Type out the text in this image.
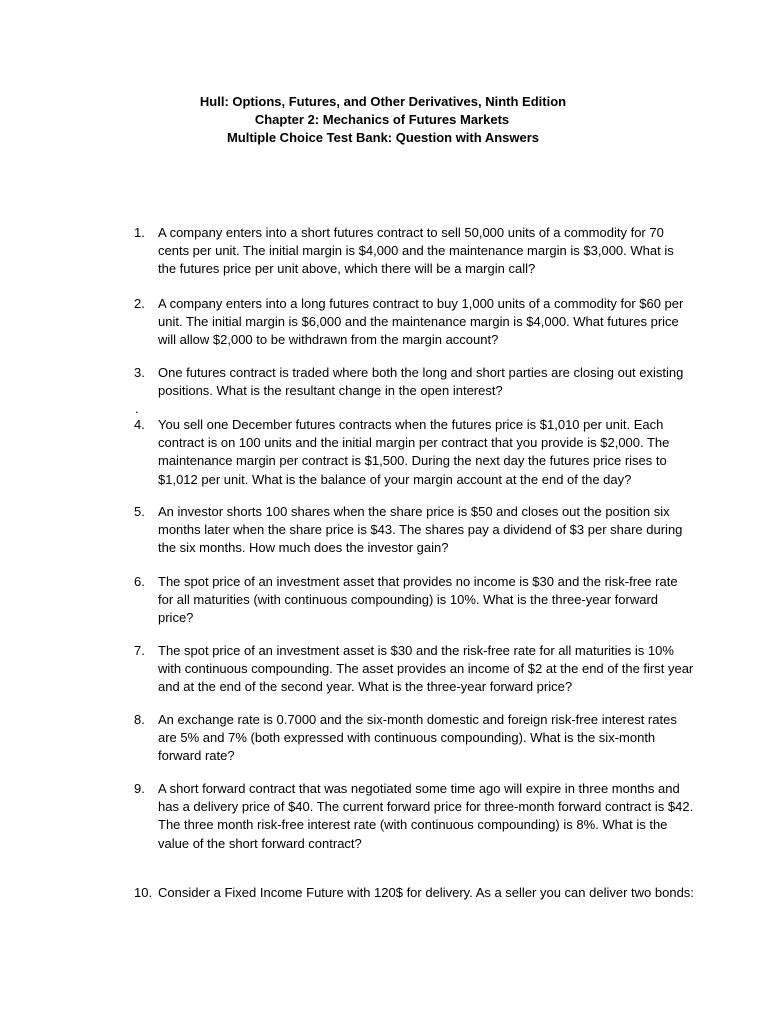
Hull: Options, Futures, and Other Derivatives, Ninth Edition
Chapter 2: Mechanics of Futures Markets
Multiple Choice Test Bank: Question with Answers
1. A company enters into a short futures contract to sell 50,000 units of a commodity for 70 cents per unit. The initial margin is $4,000 and the maintenance margin is $3,000. What is the futures price per unit above, which there will be a margin call?
2. A company enters into a long futures contract to buy 1,000 units of a commodity for $60 per unit. The initial margin is $6,000 and the maintenance margin is $4,000. What futures price will allow $2,000 to be withdrawn from the margin account?
3. One futures contract is traded where both the long and short parties are closing out existing positions. What is the resultant change in the open interest?
.
4. You sell one December futures contracts when the futures price is $1,010 per unit. Each contract is on 100 units and the initial margin per contract that you provide is $2,000. The maintenance margin per contract is $1,500. During the next day the futures price rises to $1,012 per unit. What is the balance of your margin account at the end of the day?
5. An investor shorts 100 shares when the share price is $50 and closes out the position six months later when the share price is $43. The shares pay a dividend of $3 per share during the six months. How much does the investor gain?
6. The spot price of an investment asset that provides no income is $30 and the risk-free rate for all maturities (with continuous compounding) is 10%. What is the three-year forward price?
7. The spot price of an investment asset is $30 and the risk-free rate for all maturities is 10% with continuous compounding. The asset provides an income of $2 at the end of the first year and at the end of the second year. What is the three-year forward price?
8. An exchange rate is 0.7000 and the six-month domestic and foreign risk-free interest rates are 5% and 7% (both expressed with continuous compounding). What is the six-month forward rate?
9. A short forward contract that was negotiated some time ago will expire in three months and has a delivery price of $40. The current forward price for three-month forward contract is $42. The three month risk-free interest rate (with continuous compounding) is 8%. What is the value of the short forward contract?
10. Consider a Fixed Income Future with 120$ for delivery. As a seller you can deliver two bonds:
